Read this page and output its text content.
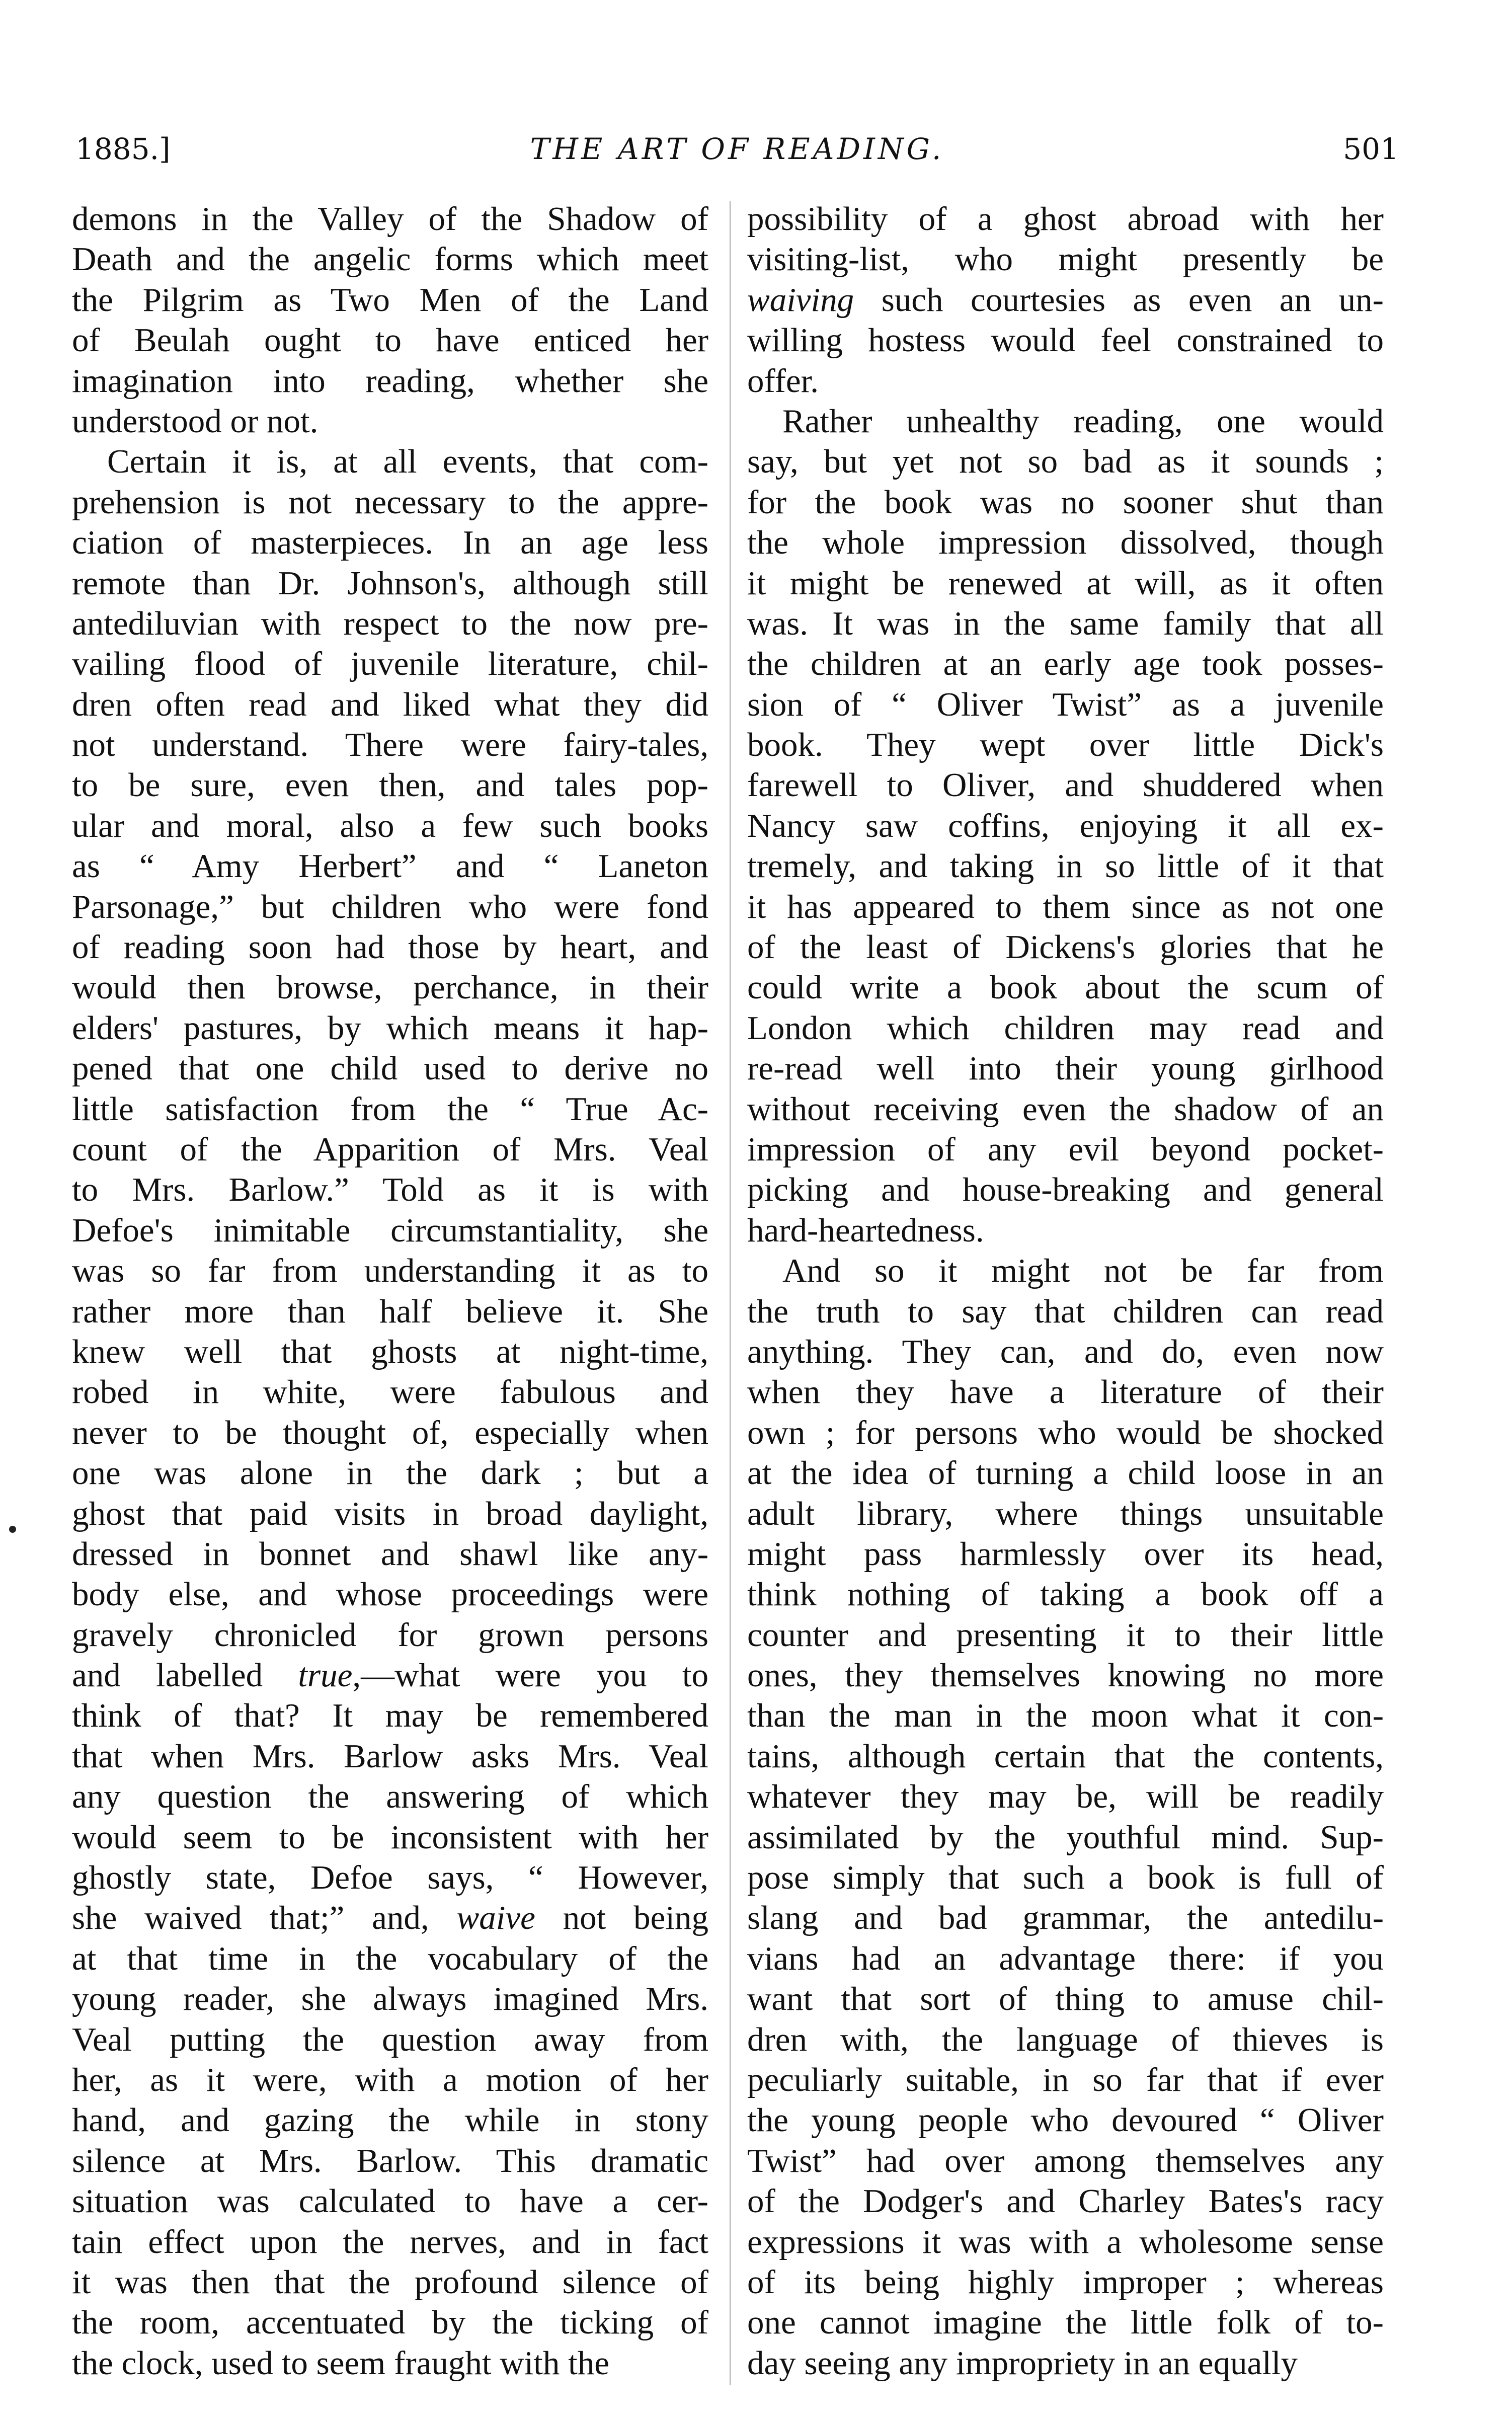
1885.]	THE ART OF READING.	501
demons in the Valley of the Shadow of
Death and the angelic forms which meet
the Pilgrim as Two Men of the Land
of Beulah ought to have enticed her
imagination into reading, whether she
understood or not.
Certain it is, at all events, that com-
prehension is not necessary to the appre-
ciation of masterpieces. In an age less
remote than Dr. Johnson's, although still
antediluvian with respect to the now pre-
vailing flood of juvenile literature, chil-
dren often read and liked what they did
not understand. There were fairy-tales,
to be sure, even then, and tales pop-
ular and moral, also a few such books
as “ Amy Herbert” and “ Laneton
Parsonage,” but children who were fond
of reading soon had those by heart, and
would then browse, perchance, in their
elders' pastures, by which means it hap-
pened that one child used to derive no
little satisfaction from the “ True Ac-
count of the Apparition of Mrs. Veal
to Mrs. Barlow.” Told as it is with
Defoe's inimitable circumstantiality, she
was so far from understanding it as to
rather more than half believe it. She
knew well that ghosts at night-time,
robed in white, were fabulous and
never to be thought of, especially when
one was alone in the dark ; but a
ghost that paid visits in broad daylight,
dressed in bonnet and shawl like any-
body else, and whose proceedings were
gravely chronicled for grown persons
and labelled true,—what were you to
think of that? It may be remembered
that when Mrs. Barlow asks Mrs. Veal
any question the answering of which
would seem to be inconsistent with her
ghostly state, Defoe says, “ However,
she waived that;” and, waive not being
at that time in the vocabulary of the
young reader, she always imagined Mrs.
Veal putting the question away from
her, as it were, with a motion of her
hand, and gazing the while in stony
silence at Mrs. Barlow. This dramatic
situation was calculated to have a cer-
tain effect upon the nerves, and in fact
it was then that the profound silence of
the room, accentuated by the ticking of
the clock, used to seem fraught with the
possibility of a ghost abroad with her
visiting-list, who might presently be
waiving such courtesies as even an un-
willing hostess would feel constrained to
offer.
Rather unhealthy reading, one would
say, but yet not so bad as it sounds ;
for the book was no sooner shut than
the whole impression dissolved, though
it might be renewed at will, as it often
was. It was in the same family that all
the children at an early age took posses-
sion of “ Oliver Twist” as a juvenile
book. They wept over little Dick's
farewell to Oliver, and shuddered when
Nancy saw coffins, enjoying it all ex-
tremely, and taking in so little of it that
it has appeared to them since as not one
of the least of Dickens's glories that he
could write a book about the scum of
London which children may read and
re-read well into their young girlhood
without receiving even the shadow of an
impression of any evil beyond pocket-
picking and house-breaking and general
hard-heartedness.
And so it might not be far from
the truth to say that children can read
anything. They can, and do, even now
when they have a literature of their
own ; for persons who would be shocked
at the idea of turning a child loose in an
adult library, where things unsuitable
might pass harmlessly over its head,
think nothing of taking a book off a
counter and presenting it to their little
ones, they themselves knowing no more
than the man in the moon what it con-
tains, although certain that the contents,
whatever they may be, will be readily
assimilated by the youthful mind. Sup-
pose simply that such a book is full of
slang and bad grammar, the antedilu-
vians had an advantage there: if you
want that sort of thing to amuse chil-
dren with, the language of thieves is
peculiarly suitable, in so far that if ever
the young people who devoured “ Oliver
Twist” had over among themselves any
of the Dodger's and Charley Bates's racy
expressions it was with a wholesome sense
of its being highly improper ; whereas
one cannot imagine the little folk of to-
day seeing any impropriety in an equally
